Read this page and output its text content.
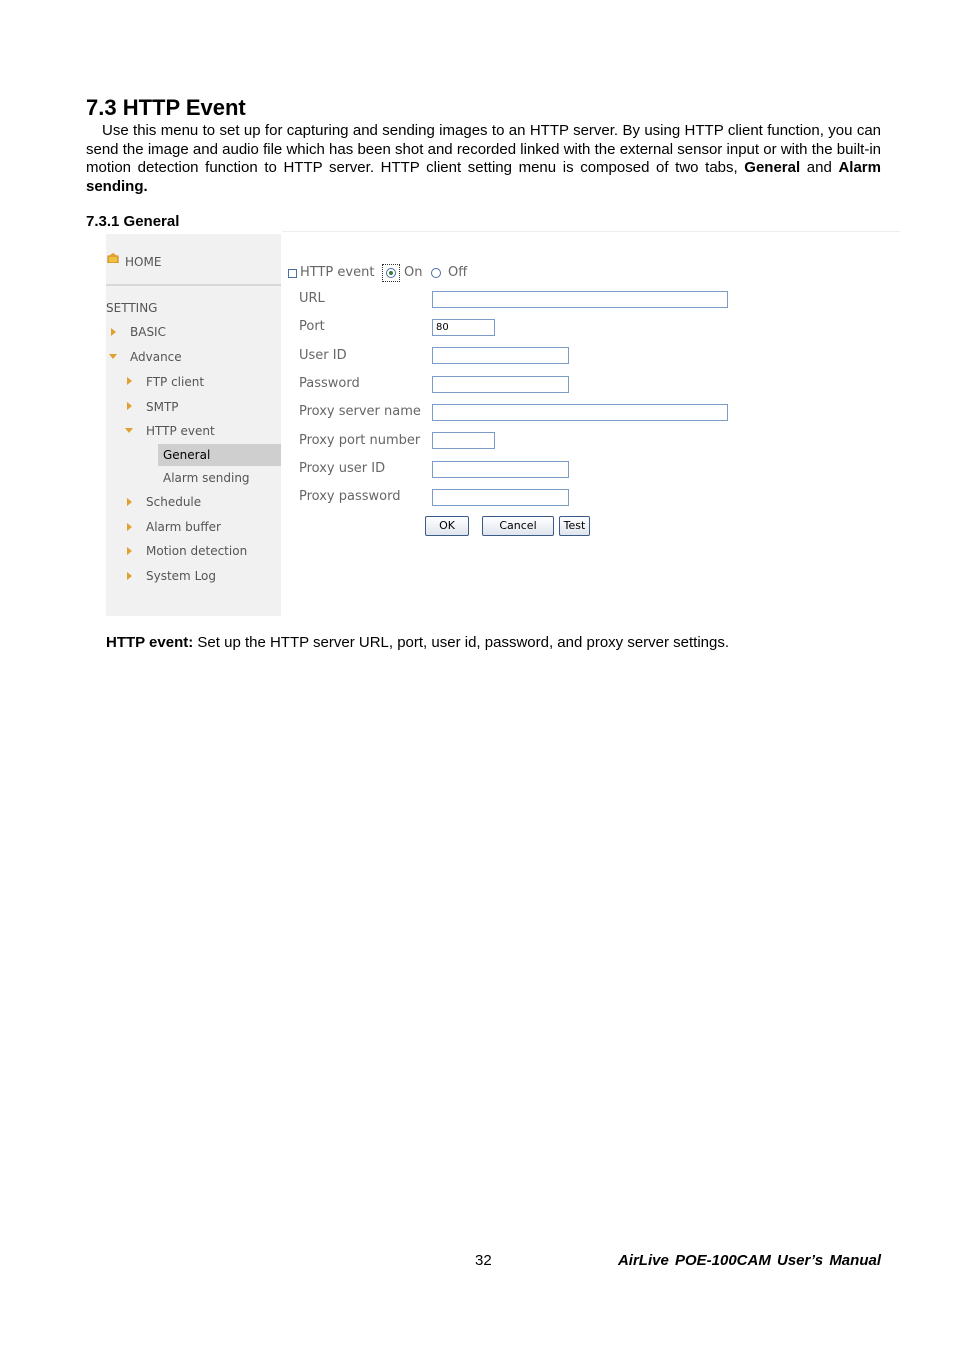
7.3 HTTP Event

Use this menu to set up for capturing and sending images to an HTTP server. By using HTTP client function, you can send the image and audio file which has been shot and recorded linked with the external sensor input or with the built-in motion detection function to HTTP server. HTTP client setting menu is composed of two tabs, General and Alarm sending.

7.3.1 General
HOME
SETTING
BASIC
Advance
FTP client
SMTP
HTTP event
General
Alarm sending
Schedule
Alarm buffer
Motion detection
System Log
HTTP event On Off
URL
Port	80
User ID
Password
Proxy server name
Proxy port number
Proxy user ID
Proxy password
OK	Cancel	Test
HTTP event: Set up the HTTP server URL, port, user id, password, and proxy server settings.
32	AirLive POE-100CAM User’s Manual
